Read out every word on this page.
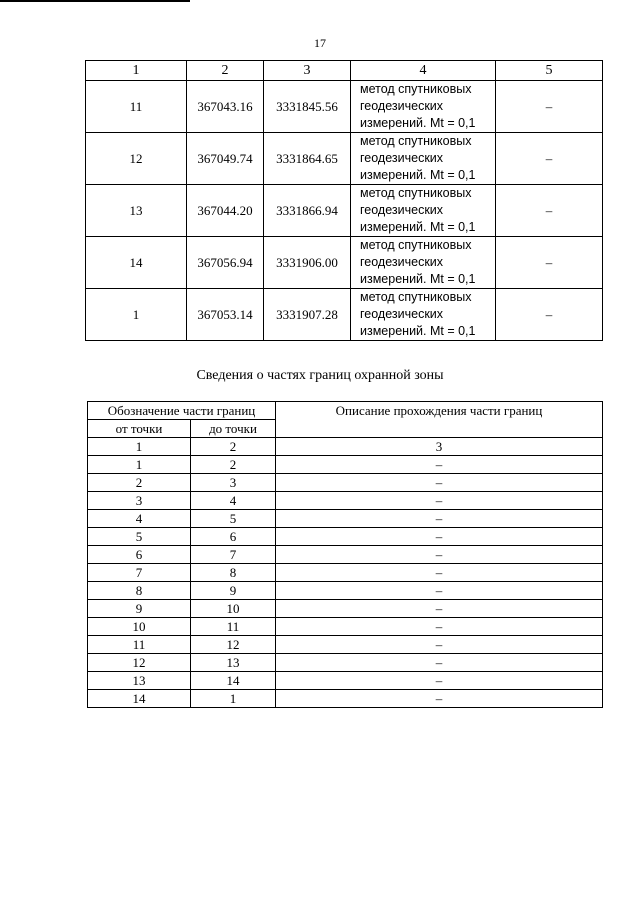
17
1	2	3	4	5
11	367043.16	3331845.56	метод спутниковых
геодезических
измерений. Mt = 0,1	–
12	367049.74	3331864.65	метод спутниковых
геодезических
измерений. Mt = 0,1	–
13	367044.20	3331866.94	метод спутниковых
геодезических
измерений. Mt = 0,1	–
14	367056.94	3331906.00	метод спутниковых
геодезических
измерений. Mt = 0,1	–
1	367053.14	3331907.28	метод спутниковых
геодезических
измерений. Mt = 0,1	–
Сведения о частях границ охранной зоны
Обозначение части границ		Описание прохождения части границ
от точки	до точки	
1	2	3
1	2	–
2	3	–
3	4	–
4	5	–
5	6	–
6	7	–
7	8	–
8	9	–
9	10	–
10	11	–
11	12	–
12	13	–
13	14	–
14	1	–
